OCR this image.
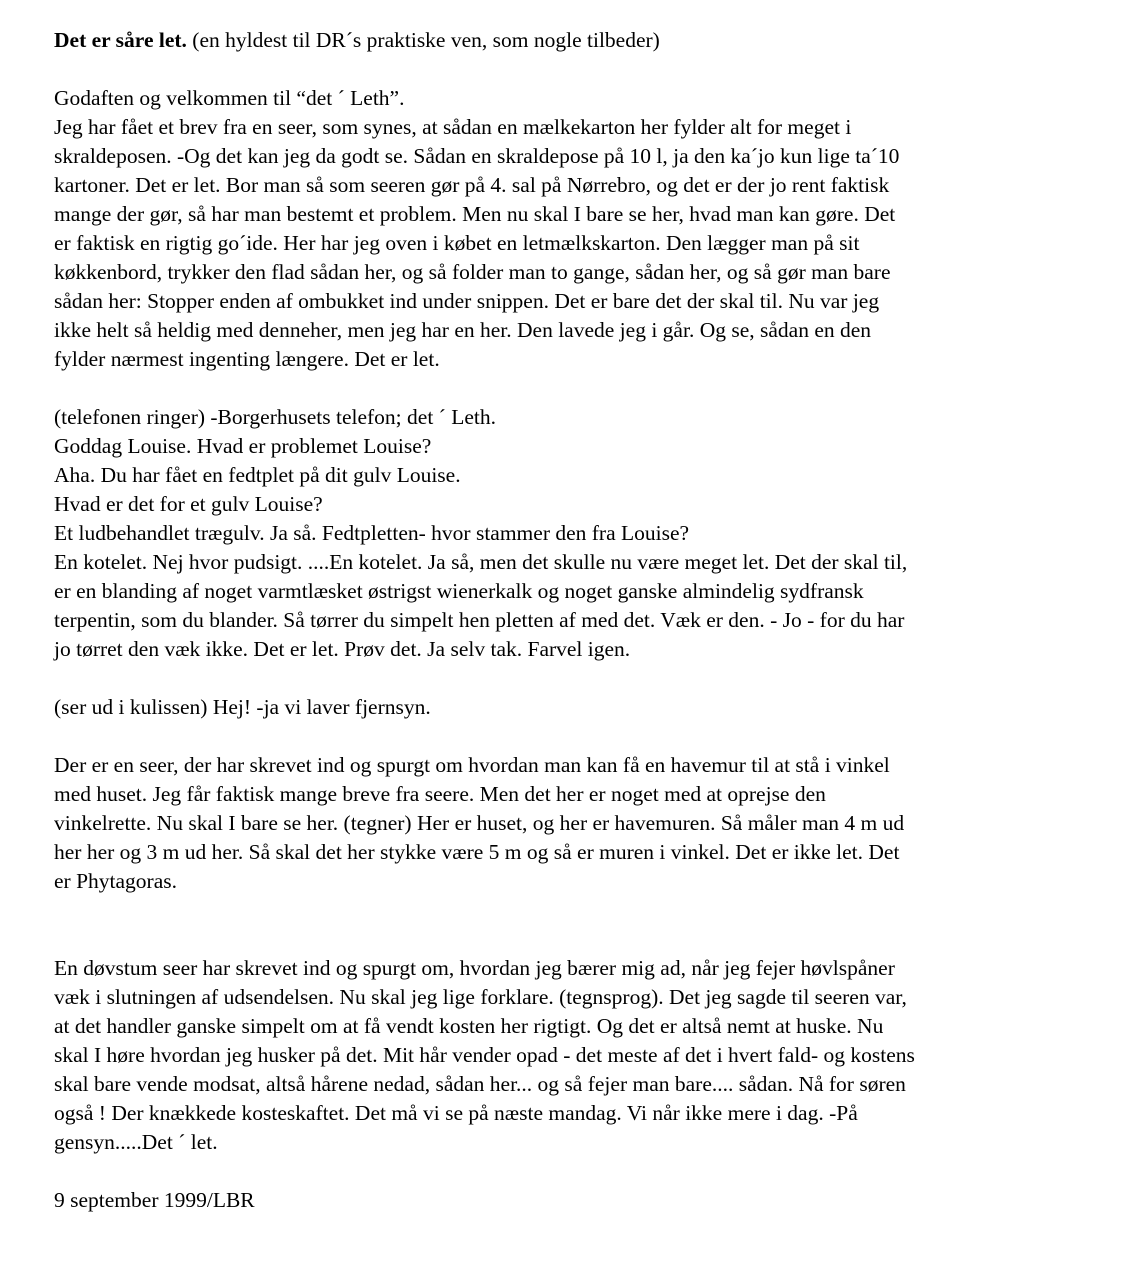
Det er såre let. (en hyldest til DR´s praktiske ven, som nogle tilbeder)

Godaften og velkommen til “det ´ Leth”.
Jeg har fået et brev fra en seer, som synes, at sådan en mælkekarton her fylder alt for meget i
skraldeposen. -Og det kan jeg da godt se. Sådan en skraldepose på 10 l, ja den ka´jo kun lige ta´10
kartoner. Det er let. Bor man så som seeren gør på 4. sal på Nørrebro, og det er der jo rent faktisk
mange der gør, så har man bestemt et problem. Men nu skal I bare se her, hvad man kan gøre. Det
er faktisk en rigtig go´ide. Her har jeg oven i købet en letmælkskarton. Den lægger man på sit
køkkenbord, trykker den flad sådan her, og så folder man to gange, sådan her, og så gør man bare
sådan her: Stopper enden af ombukket ind under snippen. Det er bare det der skal til. Nu var jeg
ikke helt så heldig med denneher, men jeg har en her. Den lavede jeg i går. Og se, sådan en den
fylder nærmest ingenting længere. Det er let.
(telefonen ringer) -Borgerhusets telefon; det ´ Leth.
Goddag Louise. Hvad er problemet Louise?
Aha. Du har fået en fedtplet på dit gulv Louise.
Hvad er det for et gulv Louise?
Et ludbehandlet trægulv. Ja så. Fedtpletten- hvor stammer den fra Louise?
En kotelet. Nej hvor pudsigt. ....En kotelet. Ja så, men det skulle nu være meget let. Det der skal til,
er en blanding af noget varmtlæsket østrigst wienerkalk og noget ganske almindelig sydfransk
terpentin, som du blander. Så tørrer du simpelt hen pletten af med det. Væk er den. - Jo - for du har
jo tørret den væk ikke. Det er let. Prøv det. Ja selv tak. Farvel igen.
(ser ud i kulissen) Hej! -ja vi laver fjernsyn.
Der er en seer, der har skrevet ind og spurgt om hvordan man kan få en havemur til at stå i vinkel
med huset. Jeg får faktisk mange breve fra seere. Men det her er noget med at oprejse den
vinkelrette. Nu skal I bare se her. (tegner) Her er huset, og her er havemuren. Så måler man 4 m ud
her her og 3 m ud her. Så skal det her stykke være 5 m og så er muren i vinkel. Det er ikke let. Det
er Phytagoras.
En døvstum seer har skrevet ind og spurgt om, hvordan jeg bærer mig ad, når jeg fejer høvlspåner
væk i slutningen af udsendelsen. Nu skal jeg lige forklare. (tegnsprog). Det jeg sagde til seeren var,
at det handler ganske simpelt om at få vendt kosten her rigtigt. Og det er altså nemt at huske. Nu
skal I høre hvordan jeg husker på det. Mit hår vender opad - det meste af det i hvert fald- og kostens
skal bare vende modsat, altså hårene nedad, sådan her... og så fejer man bare.... sådan. Nå for søren
også ! Der knækkede kosteskaftet. Det må vi se på næste mandag. Vi når ikke mere i dag. -På
gensyn.....Det ´ let.

9 september 1999/LBR
